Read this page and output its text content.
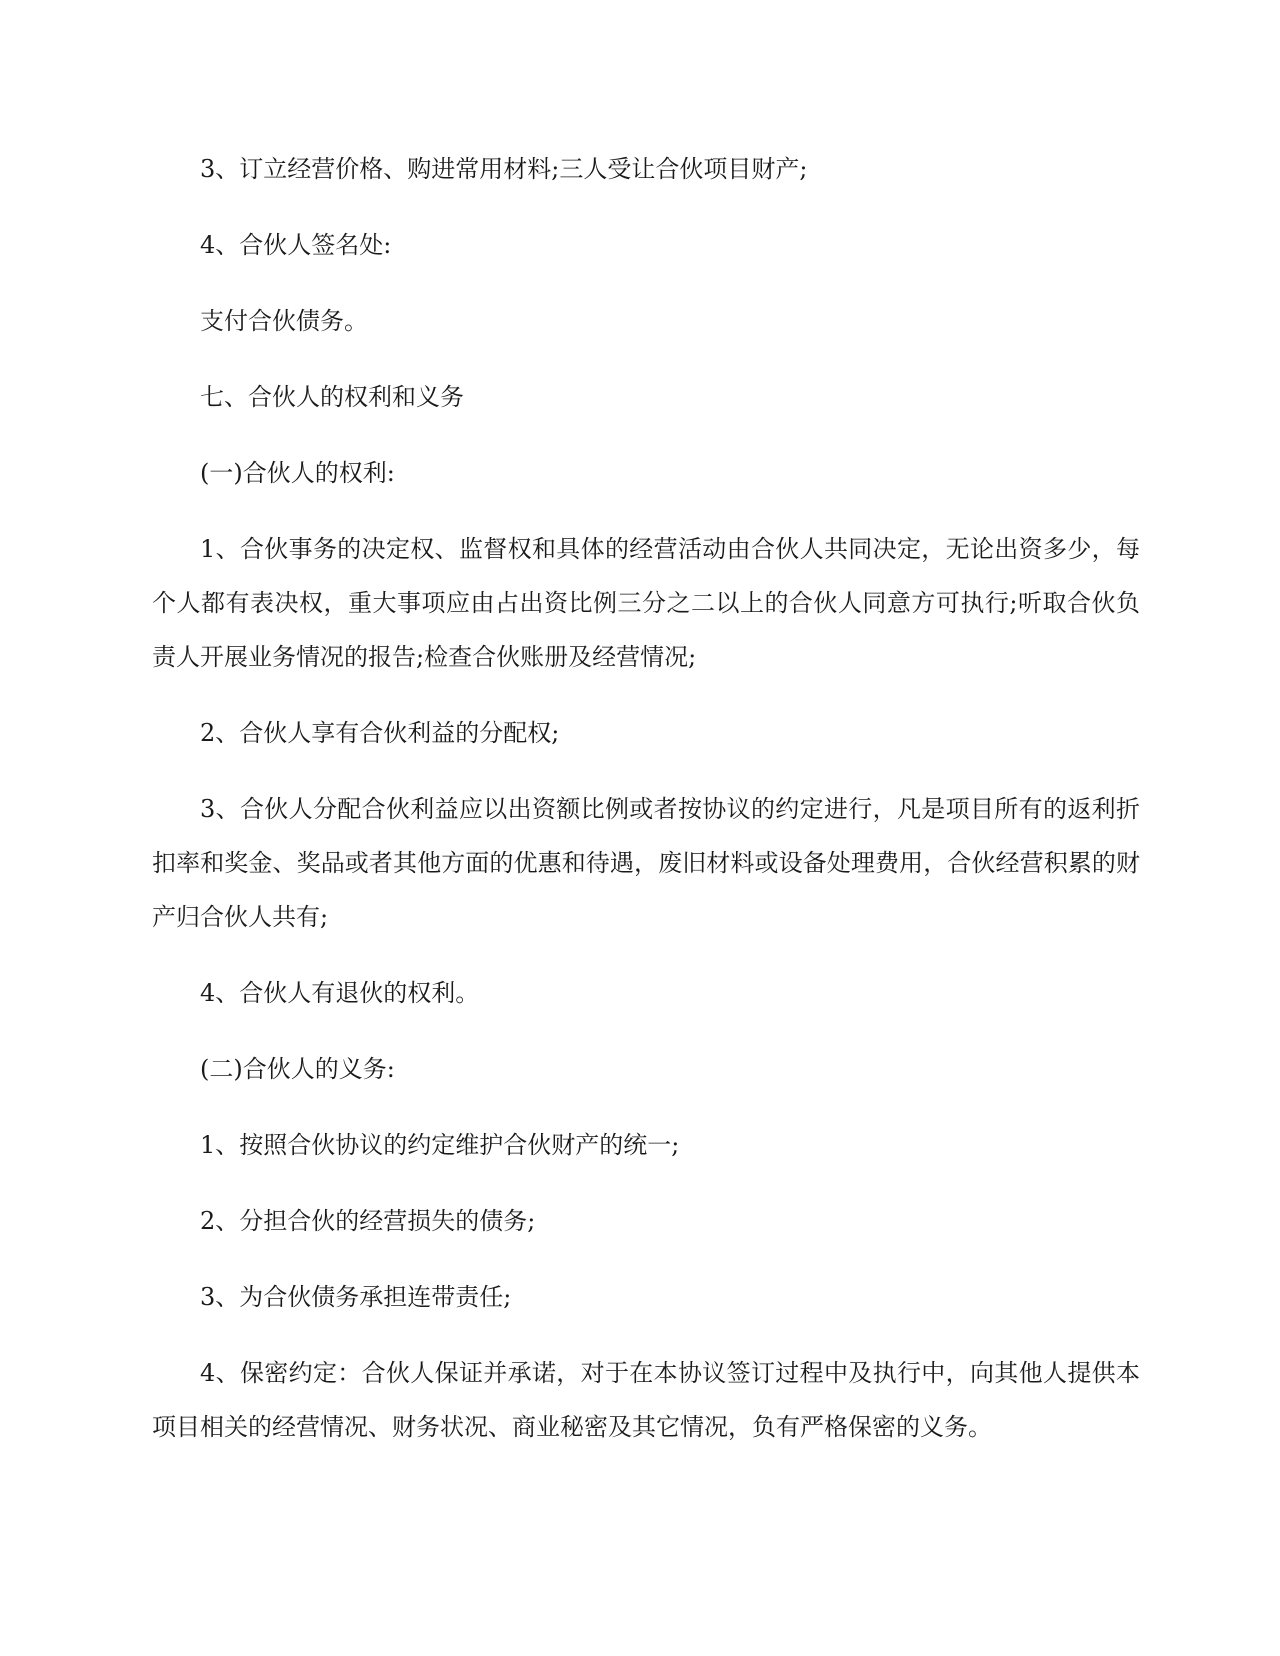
3、订立经营价格、购进常用材料;三人受让合伙项目财产;

4、合伙人签名处:

支付合伙债务。

七、合伙人的权利和义务

(一)合伙人的权利:

1、合伙事务的决定权、监督权和具体的经营活动由合伙人共同决定，无论出资多少，每个人都有表决权，重大事项应由占出资比例三分之二以上的合伙人同意方可执行;听取合伙负责人开展业务情况的报告;检查合伙账册及经营情况;

2、合伙人享有合伙利益的分配权;

3、合伙人分配合伙利益应以出资额比例或者按协议的约定进行，凡是项目所有的返利折扣率和奖金、奖品或者其他方面的优惠和待遇，废旧材料或设备处理费用，合伙经营积累的财产归合伙人共有;

4、合伙人有退伙的权利。

(二)合伙人的义务:

1、按照合伙协议的约定维护合伙财产的统一;

2、分担合伙的经营损失的债务;

3、为合伙债务承担连带责任;

4、保密约定：合伙人保证并承诺，对于在本协议签订过程中及执行中，向其他人提供本项目相关的经营情况、财务状况、商业秘密及其它情况，负有严格保密的义务。
